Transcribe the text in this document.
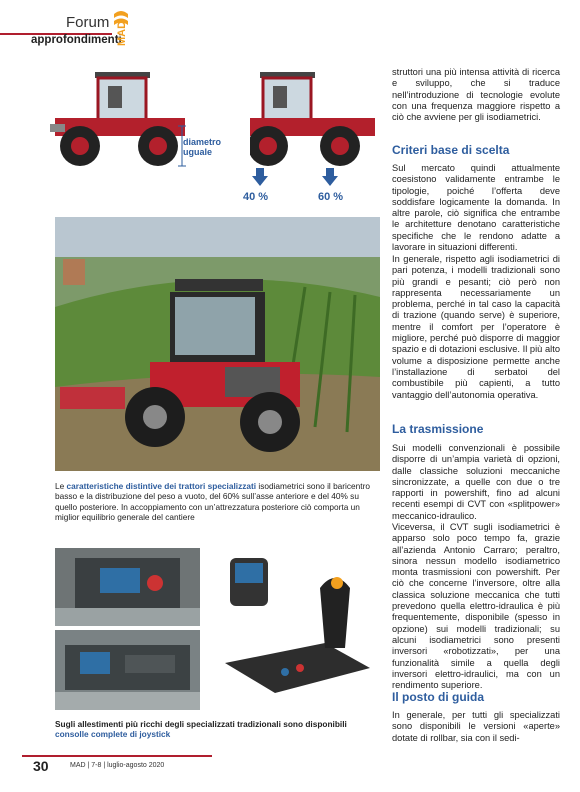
Forum
approfondimenti
MAD
diametro
uguale
40 %	60 %
Le caratteristiche distintive dei trattori specializzati isodiametrici sono il baricentro basso e la distribuzione del peso a vuoto, del 60% sull’asse anteriore e del 40% su quello posteriore. In accoppiamento con un’attrezzatura posteriore ciò comporta un miglior equilibrio generale del cantiere
Sugli allestimenti più ricchi degli specializzati tradizionali sono disponibili consolle complete di joystick
struttori una più intensa attività di ricerca e sviluppo, che si traduce nell’introduzione di tecnologie evolute con una frequenza maggiore rispetto a ciò che avviene per gli isodiametrici.
Criteri base di scelta
Sul mercato quindi attualmente coesistono validamente entrambe le tipologie, poiché l’offerta deve soddisfare logicamente la domanda. In altre parole, ciò significa che entrambe le architetture denotano caratteristiche specifiche che le rendono adatte a lavorare in situazioni differenti.
In generale, rispetto agli isodiametrici di pari potenza, i modelli tradizionali sono più grandi e pesanti; ciò però non rappresenta necessariamente un problema, perché in tal caso la capacità di trazione (quando serve) è superiore, mentre il comfort per l’operatore è migliore, perché può disporre di maggior spazio e di dotazioni esclusive. Il più alto volume a disposizione permette anche l’installazione di serbatoi del combustibile più capienti, a tutto vantaggio dell’autonomia operativa.
La trasmissione
Sui modelli convenzionali è possibile disporre di un’ampia varietà di opzioni, dalle classiche soluzioni meccaniche sincronizzate, a quelle con due o tre rapporti in powershift, fino ad alcuni recenti esempi di CVT con «splitpower» meccanico-idraulico.
Viceversa, il CVT sugli isodiametrici è apparso solo poco tempo fa, grazie all’azienda Antonio Carraro; peraltro, sinora nessun modello isodiametrico monta trasmissioni con powershift. Per ciò che concerne l’inversore, oltre alla classica soluzione meccanica che tutti prevedono quella elettro-idraulica è più frequentemente, disponibile (spesso in opzione) sui modelli tradizionali; su alcuni isodiametrici sono presenti inversori «robotizzati», per una funzionalità simile a quella degli inversori elettro-idraulici, ma con un rendimento superiore.
Il posto di guida
In generale, per tutti gli specializzati sono disponibili le versioni «aperte» dotate di rollbar, sia con il sedi-
30	MAD | 7-8 | luglio-agosto 2020
